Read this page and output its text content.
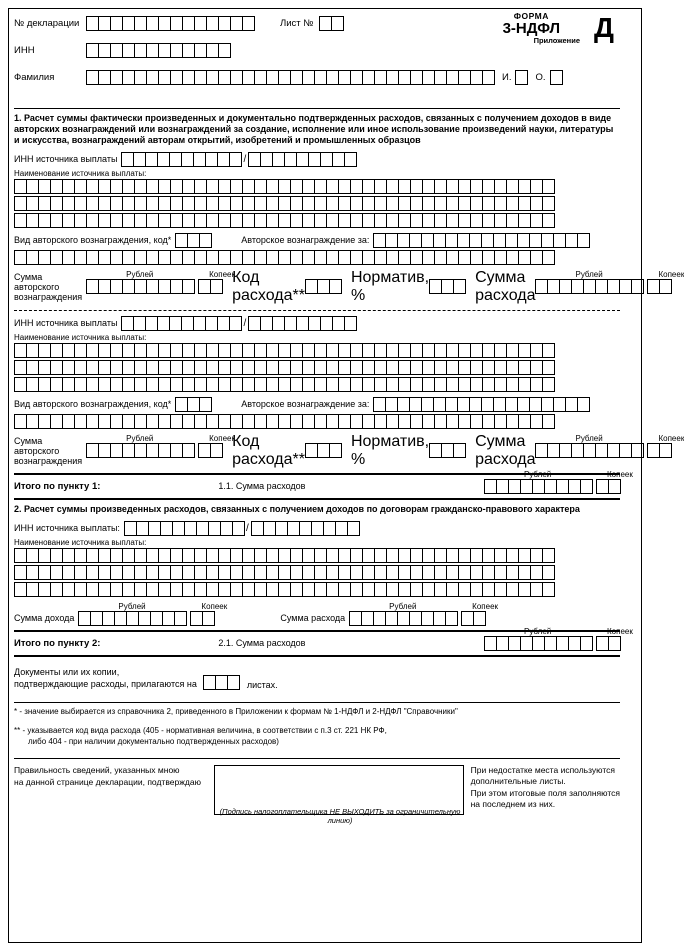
№ декларации	Лист №
ИНН
Фамилия	И.	О.
ФОРМА
3-НДФЛ
Приложение Д
1. Расчет суммы фактически произведенных и документально подтвержденных расходов, связанных с получением доходов в виде авторских вознаграждений или вознаграждений за создание, исполнение или иное использование произведений науки, литературы и искусства, вознаграждений авторам открытий, изобретений и промышленных образцов
ИНН источника выплаты	/
Наименование источника выплаты:
Вид авторского вознаграждения, код*	Авторское вознаграждение за:
Сумма авторского вознаграждения
Рублей	Копеек
Код расхода**
Норматив, %
Сумма расхода
Рублей	Копеек
ИНН источника выплаты	/
Наименование источника выплаты:
Вид авторского вознаграждения, код*	Авторское вознаграждение за:
Сумма авторского вознаграждения
Рублей	Копеек
Код расхода**
Норматив, %
Сумма расхода
Рублей	Копеек
Итого по пункту 1:	1.1. Сумма расходов
Рублей	Копеек
2. Расчет суммы произведенных расходов, связанных с получением доходов по договорам гражданско-правового характера
ИНН источника выплаты:	/
Наименование источника выплаты:
Сумма дохода
Рублей	Копеек
Сумма расхода
Рублей	Копеек
Итого по пункту 2:	2.1. Сумма расходов
Рублей	Копеек
Документы или их копии,
подтверждающие расходы, прилагаются на	листах.
* - значение выбирается из справочника 2, приведенного в Приложении к формам № 1-НДФЛ и 2-НДФЛ "Справочники"
** - указывается код вида расхода (405 - нормативная величина, в соответствии с п.3 ст. 221 НК РФ,
либо 404 - при наличии документально подтвержденных расходов)
Правильность сведений, указанных мною
на данной странице декларации, подтверждаю
(Подпись налогоплательщика НЕ ВЫХОДИТЬ за ограничительную линию)
При недостатке места используются
дополнительные листы.
При этом итоговые поля заполняются
на последнем из них.
